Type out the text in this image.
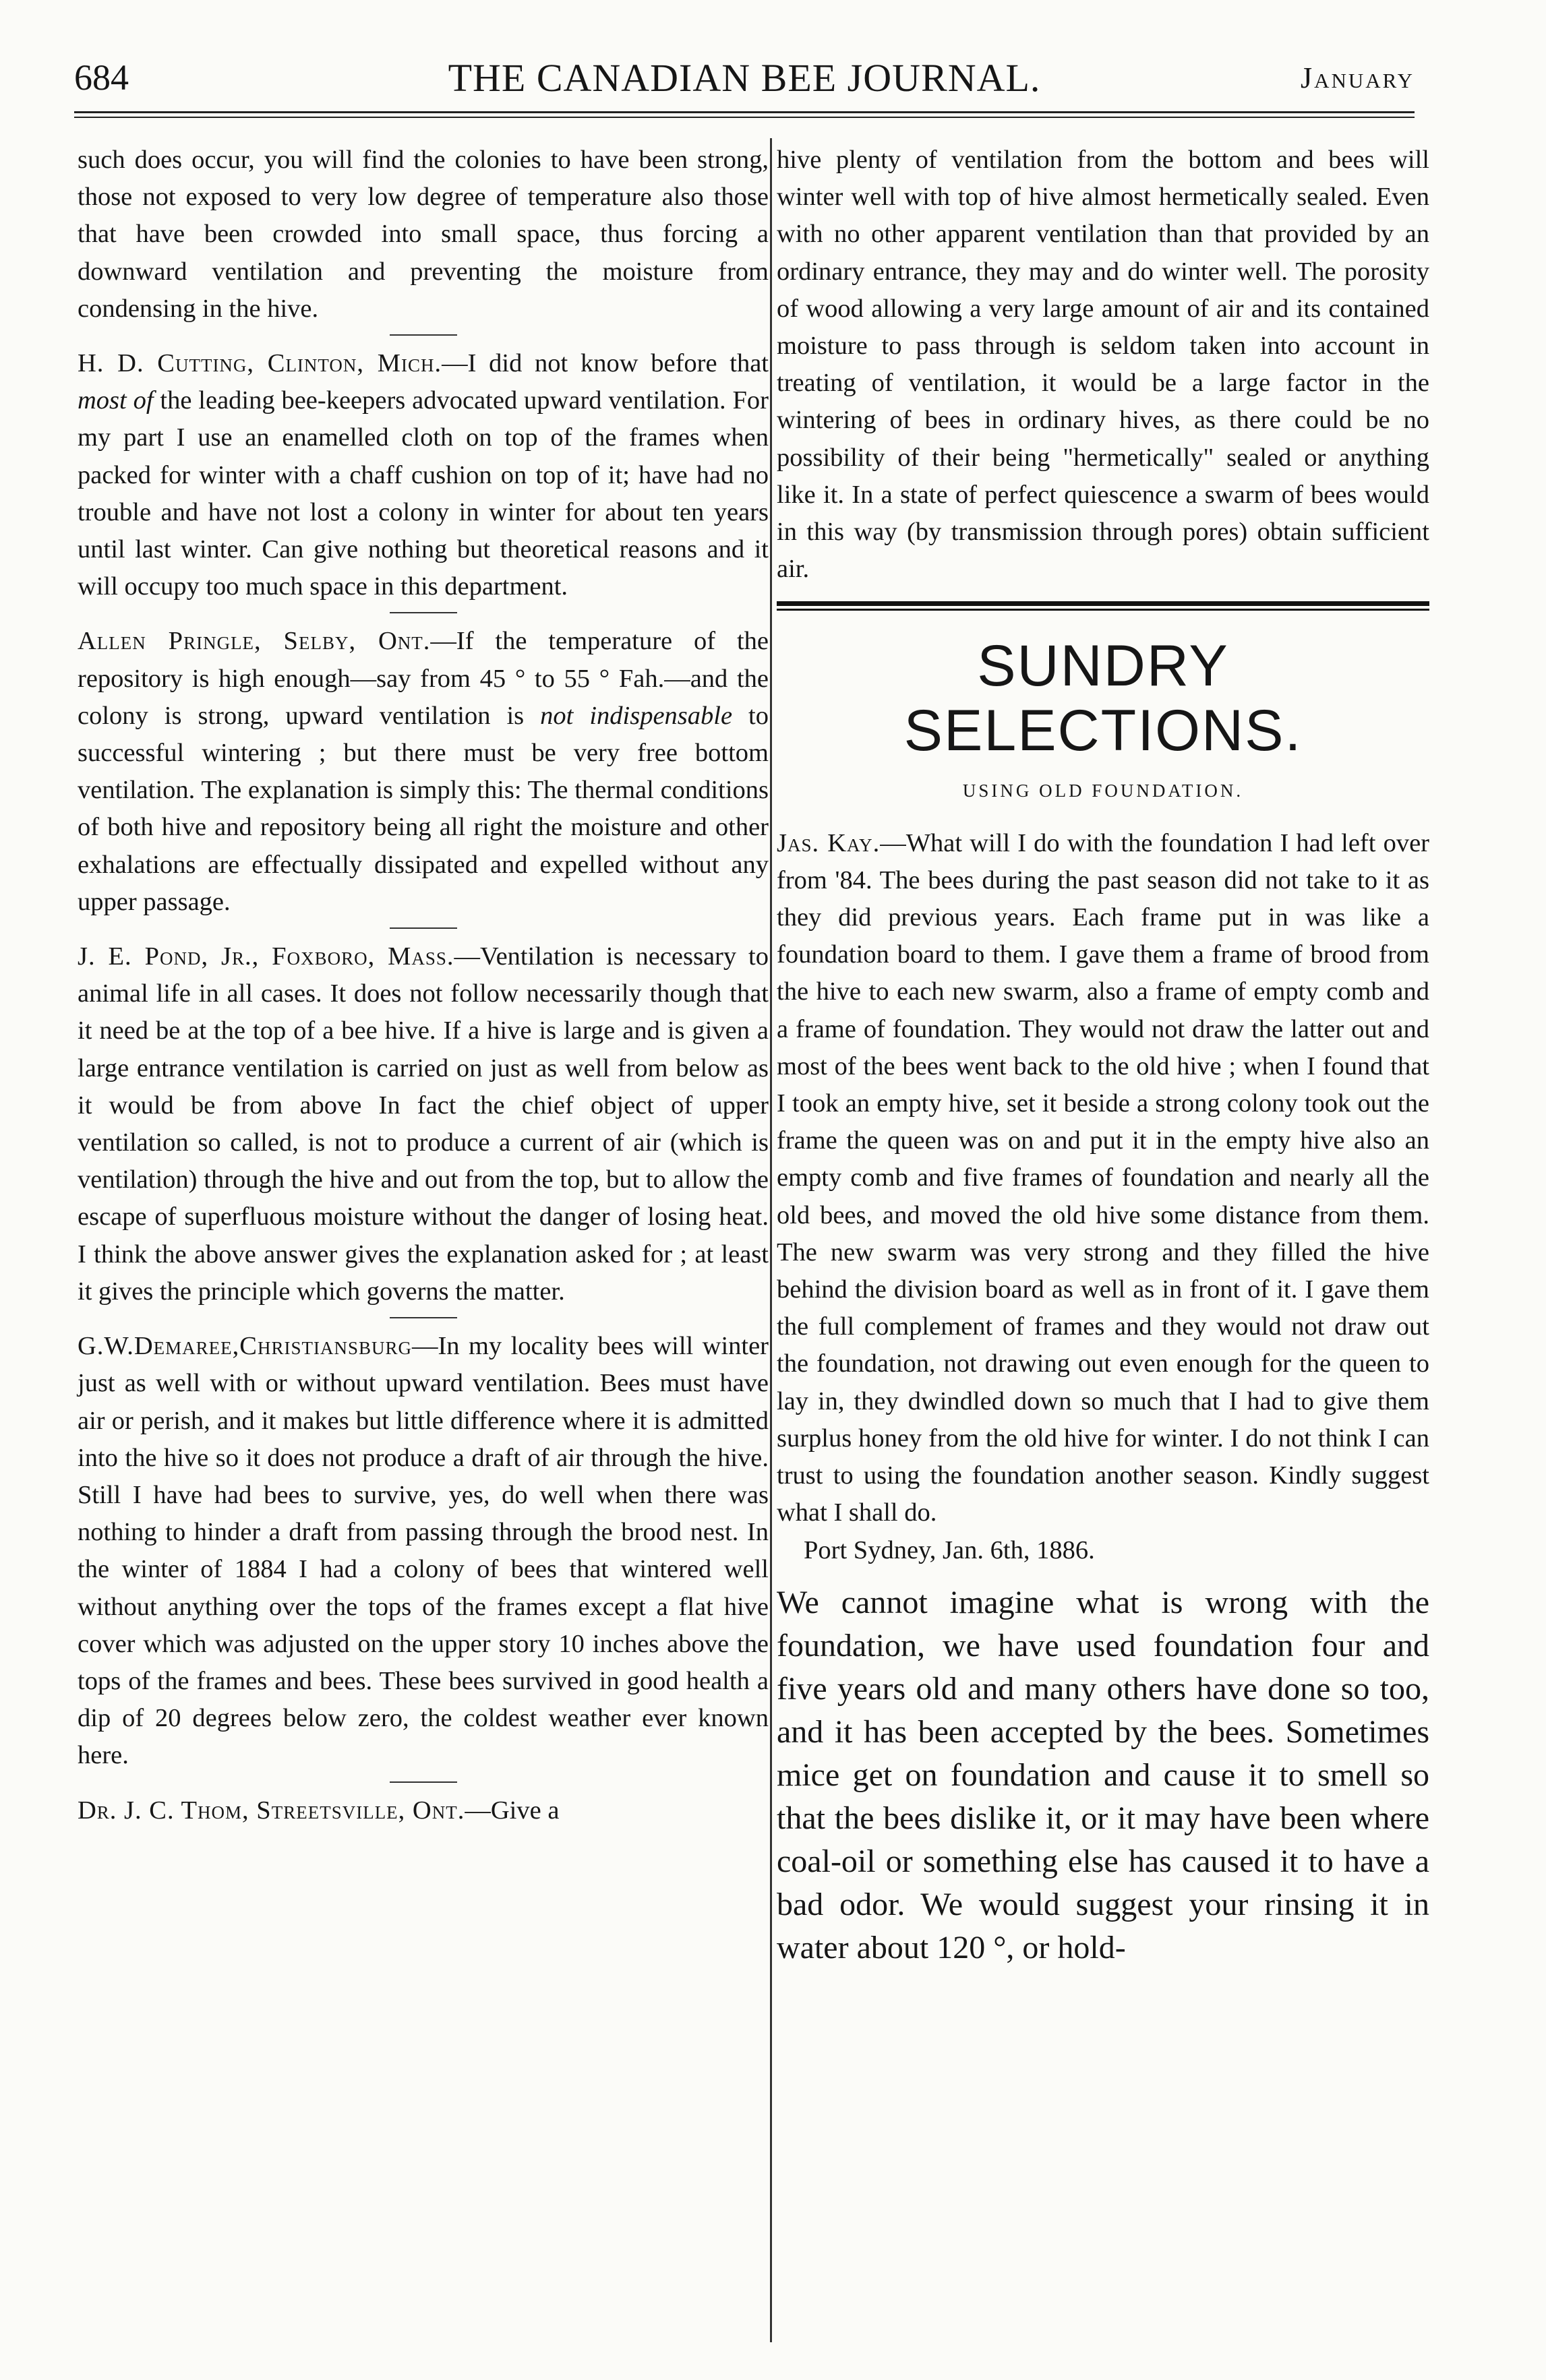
684	THE CANADIAN BEE JOURNAL.	January

such does occur, you will find the colonies to have been strong, those not exposed to very low degree of temperature also those that have been crowded into small space, thus forcing a downward ventilation and preventing the moisture from condensing in the hive.

H. D. Cutting, Clinton, Mich.—I did not know before that most of the leading bee-keepers advocated upward ventilation. For my part I use an enamelled cloth on top of the frames when packed for winter with a chaff cushion on top of it; have had no trouble and have not lost a colony in winter for about ten years until last winter. Can give nothing but theoretical reasons and it will occupy too much space in this department.

Allen Pringle, Selby, Ont.—If the temperature of the repository is high enough—say from 45 ° to 55 ° Fah.—and the colony is strong, upward ventilation is not indispensable to successful wintering ; but there must be very free bottom ventilation. The explanation is simply this: The thermal conditions of both hive and repository being all right the moisture and other exhalations are effectually dissipated and expelled without any upper passage.

J. E. Pond, Jr., Foxboro, Mass.—Ventilation is necessary to animal life in all cases. It does not follow necessarily though that it need be at the top of a bee hive. If a hive is large and is given a large entrance ventilation is carried on just as well from below as it would be from above In fact the chief object of upper ventilation so called, is not to produce a current of air (which is ventilation) through the hive and out from the top, but to allow the escape of superfluous moisture without the danger of losing heat. I think the above answer gives the explanation asked for ; at least it gives the principle which governs the matter.

G.W.Demaree,Christiansburg—In my locality bees will winter just as well with or without upward ventilation. Bees must have air or perish, and it makes but little difference where it is admitted into the hive so it does not produce a draft of air through the hive. Still I have had bees to survive, yes, do well when there was nothing to hinder a draft from passing through the brood nest. In the winter of 1884 I had a colony of bees that wintered well without anything over the tops of the frames except a flat hive cover which was adjusted on the upper story 10 inches above the tops of the frames and bees. These bees survived in good health a dip of 20 degrees below zero, the coldest weather ever known here.

Dr. J. C. Thom, Streetsville, Ont.—Give a

hive plenty of ventilation from the bottom and bees will winter well with top of hive almost hermetically sealed. Even with no other apparent ventilation than that provided by an ordinary entrance, they may and do winter well. The porosity of wood allowing a very large amount of air and its contained moisture to pass through is seldom taken into account in treating of ventilation, it would be a large factor in the wintering of bees in ordinary hives, as there could be no possibility of their being "hermetically" sealed or anything like it. In a state of perfect quiescence a swarm of bees would in this way (by transmission through pores) obtain sufficient air.

SUNDRY SELECTIONS.
USING OLD FOUNDATION.

Jas. Kay.—What will I do with the foundation I had left over from '84. The bees during the past season did not take to it as they did previous years. Each frame put in was like a foundation board to them. I gave them a frame of brood from the hive to each new swarm, also a frame of empty comb and a frame of foundation. They would not draw the latter out and most of the bees went back to the old hive ; when I found that I took an empty hive, set it beside a strong colony took out the frame the queen was on and put it in the empty hive also an empty comb and five frames of foundation and nearly all the old bees, and moved the old hive some distance from them. The new swarm was very strong and they filled the hive behind the division board as well as in front of it. I gave them the full complement of frames and they would not draw out the foundation, not drawing out even enough for the queen to lay in, they dwindled down so much that I had to give them surplus honey from the old hive for winter. I do not think I can trust to using the foundation another season. Kindly suggest what I shall do.

Port Sydney, Jan. 6th, 1886.

We cannot imagine what is wrong with the foundation, we have used foundation four and five years old and many others have done so too, and it has been accepted by the bees. Sometimes mice get on foundation and cause it to smell so that the bees dislike it, or it may have been where coal-oil or something else has caused it to have a bad odor. We would suggest your rinsing it in water about 120 °, or hold-
